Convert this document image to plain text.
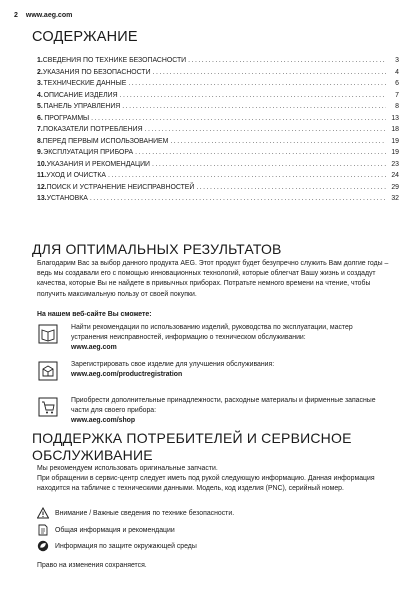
2 www.aeg.com
СОДЕРЖАНИЕ
1. СВЕДЕНИЯ ПО ТЕХНИКЕ БЕЗОПАСНОСТИ .....	3
2. УКАЗАНИЯ ПО БЕЗОПАСНОСТИ .....	4
3. ТЕХНИЧЕСКИЕ ДАННЫЕ .....	6
4. ОПИСАНИЕ ИЗДЕЛИЯ .....	7
5. ПАНЕЛЬ УПРАВЛЕНИЯ .....	8
6. ПРОГРАММЫ .....	13
7. ПОКАЗАТЕЛИ ПОТРЕБЛЕНИЯ .....	18
8. ПЕРЕД ПЕРВЫМ ИСПОЛЬЗОВАНИЕМ .....	19
9. ЭКСПЛУАТАЦИЯ ПРИБОРА .....	19
10. УКАЗАНИЯ И РЕКОМЕНДАЦИИ .....	23
11. УХОД И ОЧИСТКА .....	24
12. ПОИСК И УСТРАНЕНИЕ НЕИСПРАВНОСТЕЙ .....	29
13. УСТАНОВКА .....	32
ДЛЯ ОПТИМАЛЬНЫХ РЕЗУЛЬТАТОВ
Благодарим Вас за выбор данного продукта AEG. Этот продукт будет безупречно служить Вам долгие годы – ведь мы создавали его с помощью инновационных технологий, которые облегчат Вашу жизнь и создадут качества, которые Вы не найдете в привычных приборах. Потратьте немного времени на чтение, чтобы получить максимальную пользу от своей покупки.
На нашем веб-сайте Вы сможете:
Найти рекомендации по использованию изделий, руководства по эксплуатации, мастер устранения неисправностей, информацию о техническом обслуживании:
www.aeg.com
Зарегистрировать свое изделие для улучшения обслуживания:
www.aeg.com/productregistration
Приобрести дополнительные принадлежности, расходные материалы и фирменные запасные части для своего прибора:
www.aeg.com/shop
ПОДДЕРЖКА ПОТРЕБИТЕЛЕЙ И СЕРВИСНОЕ ОБСЛУЖИВАНИЕ
Мы рекомендуем использовать оригинальные запчасти.
При обращении в сервис-центр следует иметь под рукой следующую информацию. Данная информация находится на табличке с техническими данными. Модель, код изделия (PNC), серийный номер.
Внимание / Важные сведения по технике безопасности.
Общая информация и рекомендации
Информация по защите окружающей среды
Право на изменения сохраняется.
